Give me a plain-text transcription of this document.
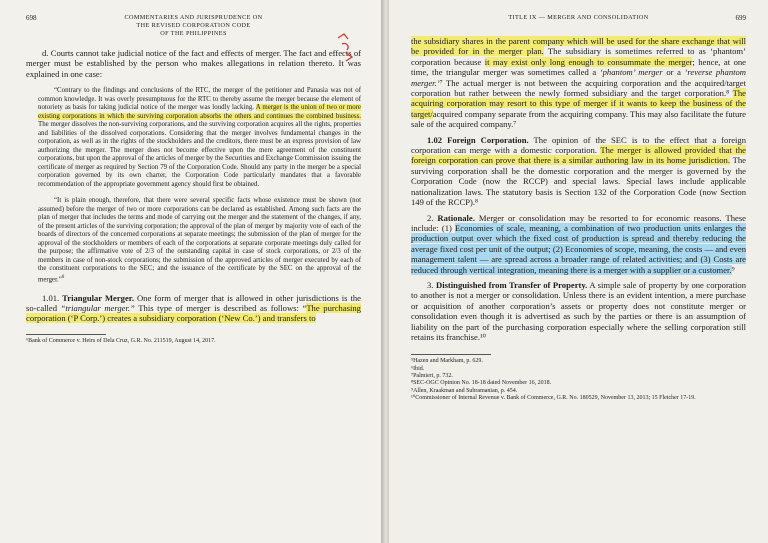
698	COMMENTARIES AND JURISPRUDENCE ON
THE REVISED CORPORATION CODE
OF THE PHILIPPINES

d. Courts cannot take judicial notice of the fact and effects of merger. The fact and effects of merger must be established by the person who makes allegations in relation thereto. It was explained in one case:

“Contrary to the findings and conclusions of the RTC, the merger of the petitioner and Panasia was not of common knowledge. It was overly presumptuous for the RTC to thereby assume the merger because the element of notoriety as basis for taking judicial notice of the merger was loudly lacking. A merger is the union of two or more existing corporations in which the surviving corporation absorbs the others and continues the combined business. The merger dissolves the non-surviving corporations, and the surviving corporation acquires all the rights, properties and liabilities of the dissolved corporations. Considering that the merger involves fundamental changes in the corporation, as well as in the rights of the stockholders and the creditors, there must be an express provision of law authorizing the merger. The merger does not become effective upon the mere agreement of the constituent corporations, but upon the approval of the articles of merger by the Securities and Exchange Commission issuing the certificate of merger as required by Section 79 of the Corporation Code. Should any party in the merger be a special corporation governed by its own charter, the Corporation Code particularly mandates that a favorable recommendation of the appropriate government agency should first be obtained.

“It is plain enough, therefore, that there were several specific facts whose existence must be shown (not assumed) before the merger of two or more corporations can be declared as established. Among such facts are the plan of merger that includes the terms and mode of carrying out the merger and the statement of the changes, if any, of the present articles of the surviving corporation; the approval of the plan of merger by majority vote of each of the boards of directors of the concerned corporations at separate meetings; the submission of the plan of merger for the approval of the stockholders or members of each of the corporations at separate corporate meetings duly called for the purpose; the affirmative vote of 2/3 of the outstanding capital in case of stock corporations, or 2/3 of the members in case of non-stock corporations; the submission of the approved articles of merger executed by each of the constituent corporations to the SEC; and the issuance of the certificate by the SEC on the approval of the merger.”$^6$

1.01. Triangular Merger. One form of merger that is allowed in other jurisdictions is the so-called “triangular merger.” This type of merger is described as follows: “The purchasing corporation (‘P Corp.’) creates a subsidiary corporation (‘New Co.’) and transfers to

⁶Bank of Commerce v. Heirs of Dela Cruz, G.R. No. 211519, August 14, 2017.

699
TITLE IX — MERGER AND CONSOLIDATION

the subsidiary shares in the parent company which will be used for the share exchange that will be provided for in the merger plan. The subsidiary is sometimes referred to as ‘phantom’ corporation because it may exist only long enough to consummate the merger; hence, at one time, the triangular merger was sometimes called a ‘phantom’ merger or a ‘reverse phantom merger.’⁷ The actual merger is not between the acquiring corporation and the acquired/target corporation but rather between the newly formed subsidiary and the target corporation.⁸ The acquiring corporation may resort to this type of merger if it wants to keep the business of the target/acquired company separate from the acquiring company. This may also facilitate the future sale of the acquired company.⁷

1.02 Foreign Corporation. The opinion of the SEC is to the effect that a foreign corporation can merge with a domestic corporation. The merger is allowed provided that the foreign corporation can prove that there is a similar authoring law in its home jurisdiction. The surviving corporation shall be the domestic corporation and the merger is governed by the Corporation Code (now the RCCP) and special laws. Special laws include applicable nationalization laws. The statutory basis is Section 132 of the Corporation Code (now Section 149 of the RCCP).⁸

2. Rationale. Merger or consolidation may be resorted to for economic reasons. These include: (1) Economies of scale, meaning, a combination of two production units enlarges the production output over which the fixed cost of production is spread and thereby reducing the average fixed cost per unit of the output; (2) Economies of scope, meaning, the costs — and even management talent — are spread across a broader range of related activities; and (3) Costs are reduced through vertical integration, meaning there is a merger with a supplier or a customer.⁹

3. Distinguished from Transfer of Property. A simple sale of property by one corporation to another is not a merger or consolidation. Unless there is an evident intention, a mere purchase or acquisition of another corporation’s assets or property does not constitute merger or consolidation even though it is advertised as such by the parties or there is an assumption of liability on the part of the purchasing corporation especially where the selling corporation still retains its franchise.¹⁰

⁵Hazen and Markham, p. 629.

⁶Ibid.

⁷Palmieri, p. 732.

⁸SEC-OGC Opinion No. 18-18 dated November 16, 2018.

⁹Allen, Kraakman and Subramanian, p. 454.

¹⁰Commissioner of Internal Revenue v. Bank of Commerce, G.R. No. 180529, November 13, 2013; 15 Fletcher 17-19.
